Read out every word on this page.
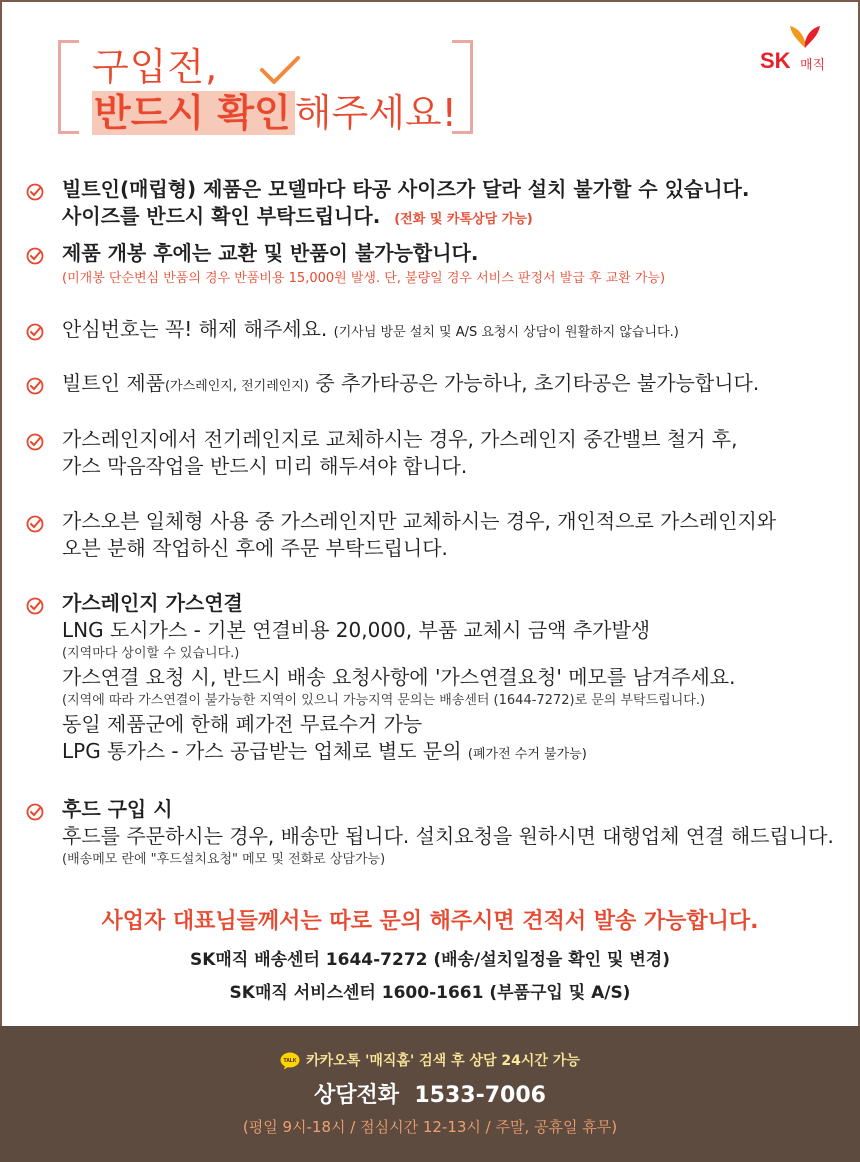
구입전,
반드시 확인 해주세요!
SK 매직
빌트인(매립형) 제품은 모델마다 타공 사이즈가 달라 설치 불가할 수 있습니다.
사이즈를 반드시 확인 부탁드립니다. (전화 및 카톡상담 가능)
제품 개봉 후에는 교환 및 반품이 불가능합니다.
(미개봉 단순변심 반품의 경우 반품비용 15,000원 발생. 단, 불량일 경우 서비스 판정서 발급 후 교환 가능)
안심번호는 꼭! 해제 해주세요. (기사님 방문 설치 및 A/S 요청시 상담이 원활하지 않습니다.)
빌트인 제품(가스레인지, 전기레인지) 중 추가타공은 가능하나, 초기타공은 불가능합니다.
가스레인지에서 전기레인지로 교체하시는 경우, 가스레인지 중간밸브 철거 후,
가스 막음작업을 반드시 미리 해두셔야 합니다.
가스오븐 일체형 사용 중 가스레인지만 교체하시는 경우, 개인적으로 가스레인지와
오븐 분해 작업하신 후에 주문 부탁드립니다.
가스레인지 가스연결
LNG 도시가스 - 기본 연결비용 20,000, 부품 교체시 금액 추가발생
(지역마다 상이할 수 있습니다.)
가스연결 요청 시, 반드시 배송 요청사항에 '가스연결요청' 메모를 남겨주세요.
(지역에 따라 가스연결이 불가능한 지역이 있으니 가능지역 문의는 배송센터 (1644-7272)로 문의 부탁드립니다.)
동일 제품군에 한해 폐가전 무료수거 가능
LPG 통가스 - 가스 공급받는 업체로 별도 문의 (폐가전 수거 불가능)
후드 구입 시
후드를 주문하시는 경우, 배송만 됩니다. 설치요청을 원하시면 대행업체 연결 해드립니다.
(배송메모 란에 "후드설치요청" 메모 및 전화로 상담가능)
사업자 대표님들께서는 따로 문의 해주시면 견적서 발송 가능합니다.
SK매직 배송센터 1644-7272 (배송/설치일정을 확인 및 변경)
SK매직 서비스센터 1600-1661 (부품구입 및 A/S)
TALK 카카오톡 '매직홈' 검색 후 상담 24시간 가능
상담전화 1533-7006
(평일 9시-18시 / 점심시간 12-13시 / 주말, 공휴일 휴무)
